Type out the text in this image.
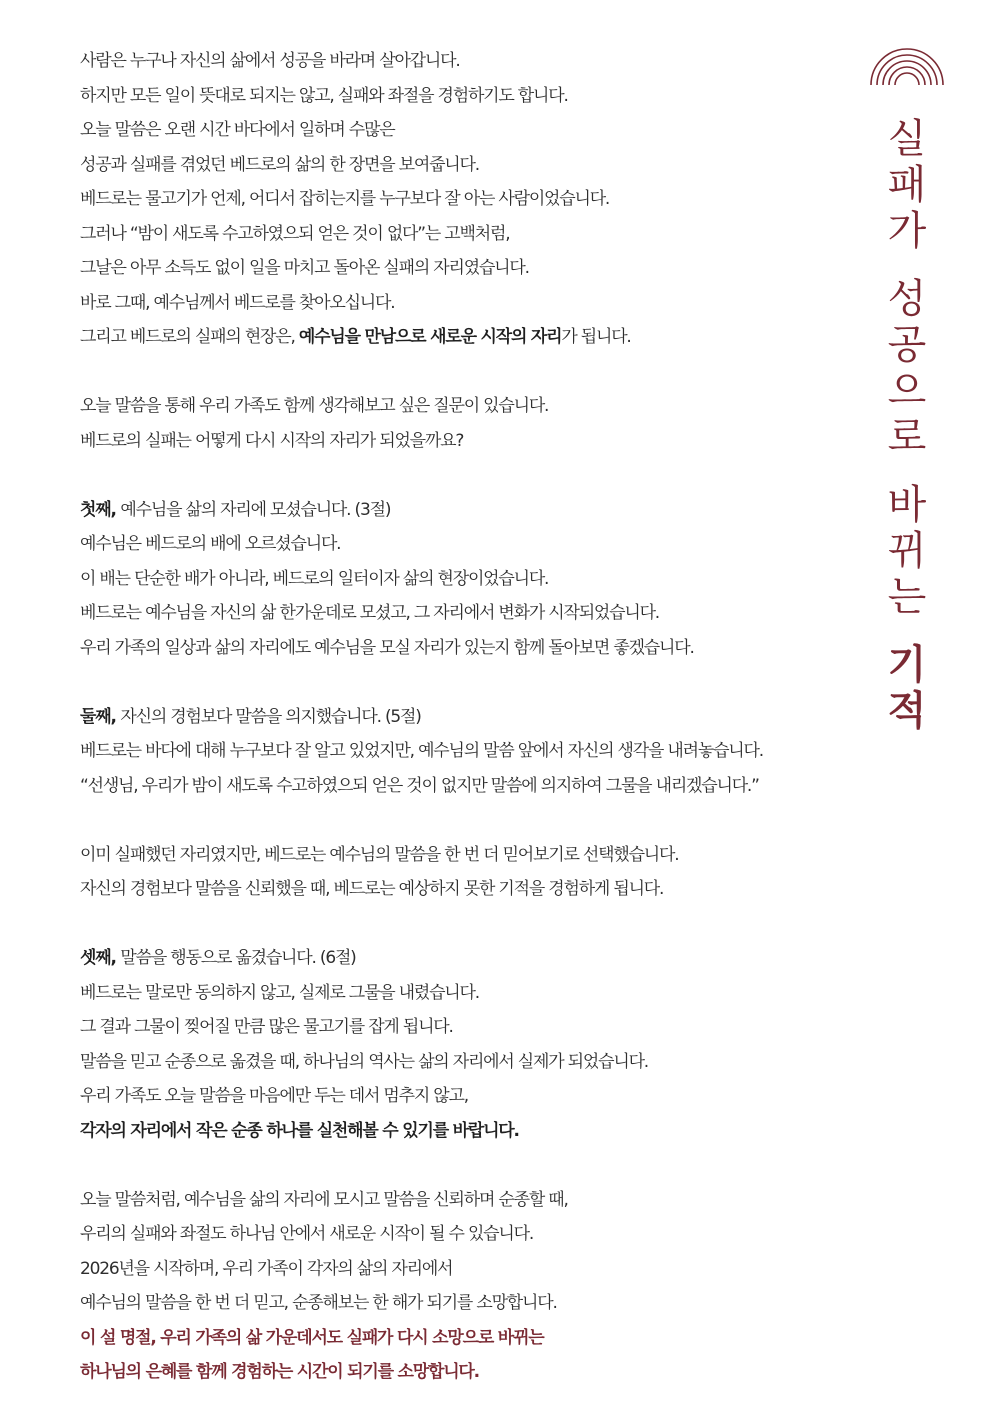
사람은 누구나 자신의 삶에서 성공을 바라며 살아갑니다.
하지만 모든 일이 뜻대로 되지는 않고, 실패와 좌절을 경험하기도 합니다.
오늘 말씀은 오랜 시간 바다에서 일하며 수많은
성공과 실패를 겪었던 베드로의 삶의 한 장면을 보여줍니다.
베드로는 물고기가 언제, 어디서 잡히는지를 누구보다 잘 아는 사람이었습니다.
그러나 “밤이 새도록 수고하였으되 얻은 것이 없다”는 고백처럼,
그날은 아무 소득도 없이 일을 마치고 돌아온 실패의 자리였습니다.
바로 그때, 예수님께서 베드로를 찾아오십니다.
그리고 베드로의 실패의 현장은, 예수님을 만남으로 새로운 시작의 자리가 됩니다.
오늘 말씀을 통해 우리 가족도 함께 생각해보고 싶은 질문이 있습니다.
베드로의 실패는 어떻게 다시 시작의 자리가 되었을까요?
첫째, 예수님을 삶의 자리에 모셨습니다. (3절)
예수님은 베드로의 배에 오르셨습니다.
이 배는 단순한 배가 아니라, 베드로의 일터이자 삶의 현장이었습니다.
베드로는 예수님을 자신의 삶 한가운데로 모셨고, 그 자리에서 변화가 시작되었습니다.
우리 가족의 일상과 삶의 자리에도 예수님을 모실 자리가 있는지 함께 돌아보면 좋겠습니다.
둘째, 자신의 경험보다 말씀을 의지했습니다. (5절)
베드로는 바다에 대해 누구보다 잘 알고 있었지만, 예수님의 말씀 앞에서 자신의 생각을 내려놓습니다.
“선생님, 우리가 밤이 새도록 수고하였으되 얻은 것이 없지만 말씀에 의지하여 그물을 내리겠습니다.”
이미 실패했던 자리였지만, 베드로는 예수님의 말씀을 한 번 더 믿어보기로 선택했습니다.
자신의 경험보다 말씀을 신뢰했을 때, 베드로는 예상하지 못한 기적을 경험하게 됩니다.
셋째, 말씀을 행동으로 옮겼습니다. (6절)
베드로는 말로만 동의하지 않고, 실제로 그물을 내렸습니다.
그 결과 그물이 찢어질 만큼 많은 물고기를 잡게 됩니다.
말씀을 믿고 순종으로 옮겼을 때, 하나님의 역사는 삶의 자리에서 실제가 되었습니다.
우리 가족도 오늘 말씀을 마음에만 두는 데서 멈추지 않고,
각자의 자리에서 작은 순종 하나를 실천해볼 수 있기를 바랍니다.
오늘 말씀처럼, 예수님을 삶의 자리에 모시고 말씀을 신뢰하며 순종할 때,
우리의 실패와 좌절도 하나님 안에서 새로운 시작이 될 수 있습니다.
2026년을 시작하며, 우리 가족이 각자의 삶의 자리에서
예수님의 말씀을 한 번 더 믿고, 순종해보는 한 해가 되기를 소망합니다.
이 설 명절, 우리 가족의 삶 가운데서도 실패가 다시 소망으로 바뀌는
하나님의 은혜를 함께 경험하는 시간이 되기를 소망합니다.
실
패
가
성
공
으
로
바
뀌
는
기
적
